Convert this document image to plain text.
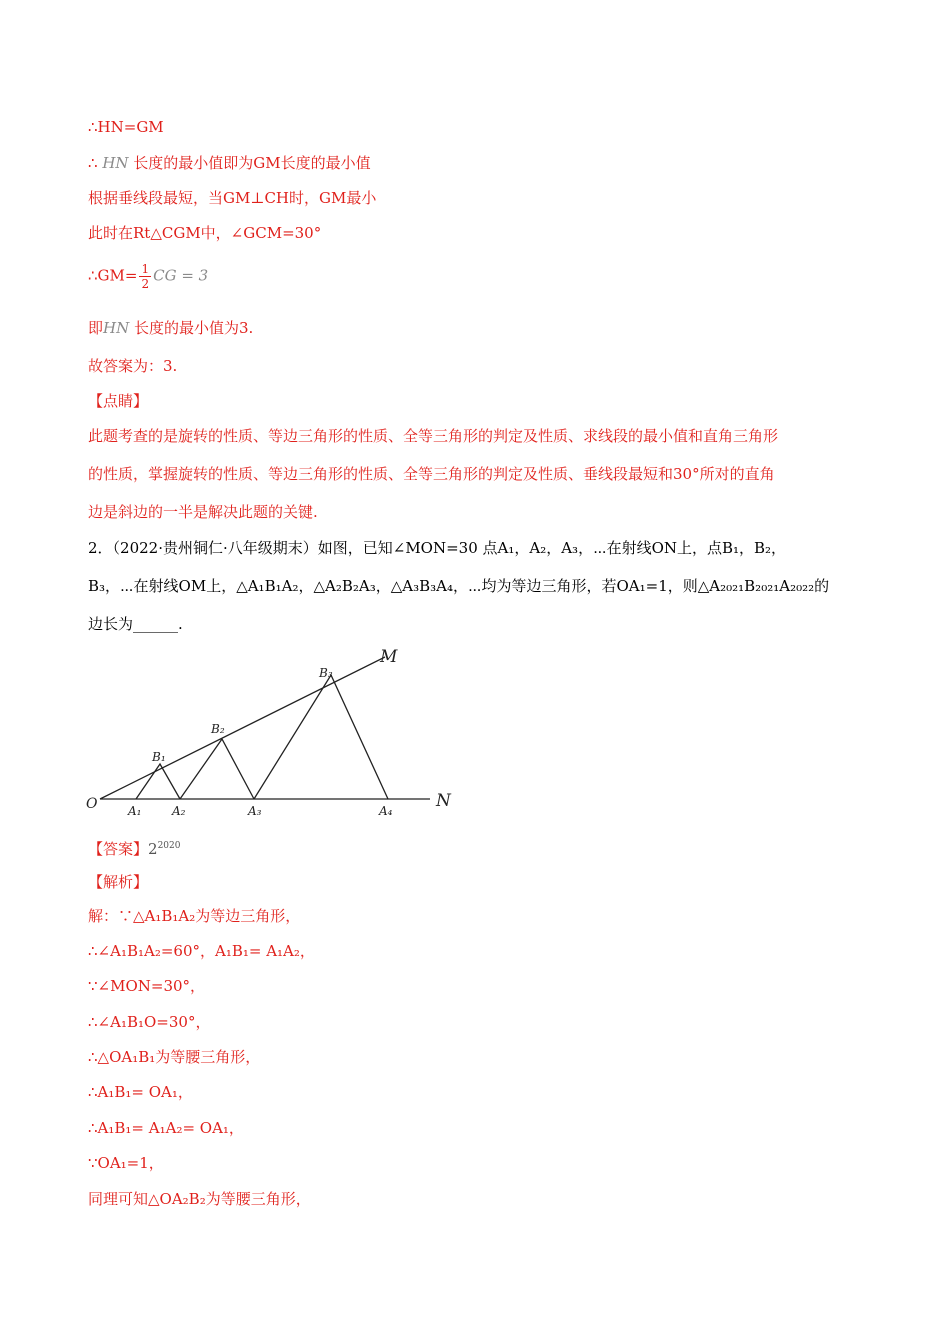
∴HN=GM
∴ HN 长度的最小值即为GM长度的最小值
根据垂线段最短，当GM⊥CH时，GM最小
此时在Rt△CGM中，∠GCM=30°
∴GM= $\frac{1}{2}$ CG = 3
即HN 长度的最小值为3.
故答案为：3.
【点睛】
此题考查的是旋转的性质、等边三角形的性质、全等三角形的判定及性质、求线段的最小值和直角三角形
的性质，掌握旋转的性质、等边三角形的性质、全等三角形的判定及性质、垂线段最短和30°所对的直角
边是斜边的一半是解决此题的关键.
2．（2022·贵州铜仁·八年级期末）如图，已知∠MON=30 点A₁，A₂，A₃，⋯在射线ON上，点B₁，B₂，
B₃，⋯在射线OM上，△A₁B₁A₂，△A₂B₂A₃，△A₃B₃A₄，⋯均为等边三角形，若OA₁=1，则△A₂₀₂₁B₂₀₂₁A₂₀₂₂的
边长为______.
O
M
N
A₁	A₂	A₃	A₄
B₁
B₂
B₃
【答案】$2^{2020}$
【解析】
解：∵△A₁B₁A₂为等边三角形，
∴∠A₁B₁A₂=60°，A₁B₁= A₁A₂，
∵∠MON=30°，
∴∠A₁B₁O=30°，
∴△OA₁B₁为等腰三角形，
∴A₁B₁= OA₁，
∴A₁B₁= A₁A₂= OA₁，
∵OA₁=1，
同理可知△OA₂B₂为等腰三角形，
